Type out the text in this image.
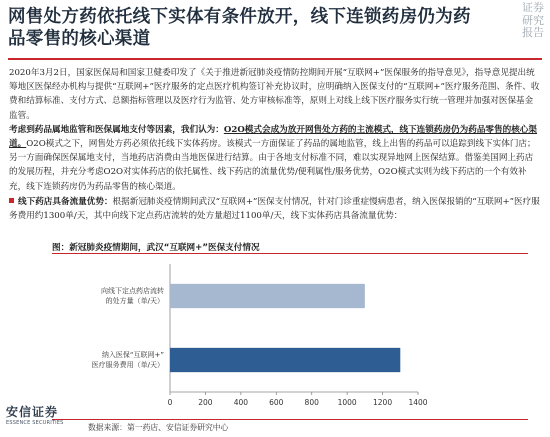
网售处方药依托线下实体有条件放开，线下连锁药房仍为药
品零售的核心渠道
证券
研究
报告

2020年3月2日，国家医保局和国家卫健委印发了《关于推进新冠肺炎疫情防控期间开展“互联网+”医保服务的指导意见》，指导意见提出统筹地区医保经办机构与提供“互联网+”医疗服务的定点医疗机构签订补充协议时，应明确纳入医保支付的“互联网+”医疗服务范围、条件、收费和结算标准、支付方式、总额指标管理以及医疗行为监管、处方审核标准等，原则上对线上线下医疗服务实行统一管理并加强对医保基金监管。

考虑到药品属地监管和医保属地支付等因素，我们认为：O2O模式会成为放开网售处方药的主流模式，线下连锁药房仍为药品零售的核心渠道。O2O模式之下，网售处方药必须依托线下实体药房。该模式一方面保证了药品的属地监管，线上出售的药品可以追踪到线下实体门店；另一方面确保医保属地支付，当地药店消费由当地医保进行结算。由于各地支付标准不同，难以实现异地网上医保结算。借鉴美国网上药店的发展历程，并充分考虑O2O对实体药店的依托属性、线下药店的流量优势/便利属性/服务优势，O2O模式实则为线下药店的一个有效补充，线下连锁药房仍为药品零售的核心渠道。

线下药店具备流量优势：根据新冠肺炎疫情期间武汉“互联网+”医保支付情况，针对门诊重症慢病患者，纳入医保报销的“互联网+”医疗服务费用约1300单/天，其中向线下定点药店流转的处方量超过1100单/天，线下实体药店具备流量优势：
图：新冠肺炎疫情期间，武汉“互联网+”医保支付情况
0	200	400	600	800 1000 1200 1400
向线下定点药店流转
的处方量（单/天）
纳入医保“互联网+”
医疗服务费用（单/天）
数据来源：第一药店、安信证券研究中心
安信证券
ESSENCE SECURITIES
